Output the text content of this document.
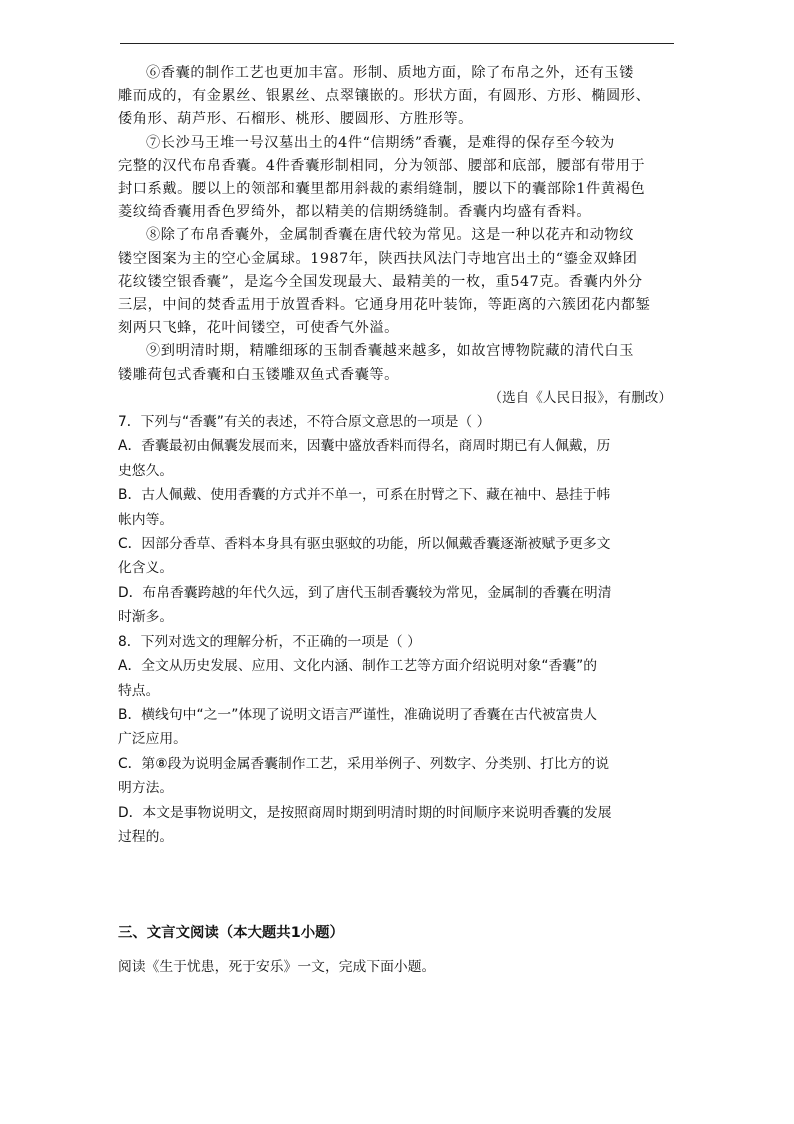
⑥香囊的制作工艺也更加丰富。形制、质地方面，除了布帛之外，还有玉镂
雕而成的，有金累丝、银累丝、点翠镶嵌的。形状方面，有圆形、方形、椭圆形、
倭角形、葫芦形、石榴形、桃形、腰圆形、方胜形等。

⑦长沙马王堆一号汉墓出土的4件“信期绣”香囊，是难得的保存至今较为
完整的汉代布帛香囊。4件香囊形制相同，分为领部、腰部和底部，腰部有带用于
封口系戴。腰以上的领部和囊里都用斜裁的素绢缝制，腰以下的囊部除1件黄褐色
菱纹绮香囊用香色罗绮外，都以精美的信期绣缝制。香囊内均盛有香料。

⑧除了布帛香囊外，金属制香囊在唐代较为常见。这是一种以花卉和动物纹
镂空图案为主的空心金属球。1987年，陕西扶风法门寺地宫出土的“鎏金双蜂团
花纹镂空银香囊”，是迄今全国发现最大、最精美的一枚，重547克。香囊内外分
三层，中间的焚香盂用于放置香料。它通身用花叶装饰，等距离的六簇团花内都錾
刻两只飞蜂，花叶间镂空，可使香气外溢。

⑨到明清时期，精雕细琢的玉制香囊越来越多，如故宫博物院藏的清代白玉
镂雕荷包式香囊和白玉镂雕双鱼式香囊等。

（选自《人民日报》，有删改）

7．下列与“香囊”有关的表述，不符合原文意思的一项是（ ）
A．香囊最初由佩囊发展而来，因囊中盛放香料而得名，商周时期已有人佩戴，历
史悠久。
B．古人佩戴、使用香囊的方式并不单一，可系在肘臂之下、藏在袖中、悬挂于帏
帐内等。
C．因部分香草、香料本身具有驱虫驱蚊的功能，所以佩戴香囊逐渐被赋予更多文
化含义。
D．布帛香囊跨越的年代久远，到了唐代玉制香囊较为常见，金属制的香囊在明清
时渐多。
8．下列对选文的理解分析，不正确的一项是（ ）
A．全文从历史发展、应用、文化内涵、制作工艺等方面介绍说明对象“香囊”的
特点。
B．横线句中“之一”体现了说明文语言严谨性，准确说明了香囊在古代被富贵人
广泛应用。
C．第⑧段为说明金属香囊制作工艺，采用举例子、列数字、分类别、打比方的说
明方法。
D．本文是事物说明文，是按照商周时期到明清时期的时间顺序来说明香囊的发展
过程的。

三、文言文阅读（本大题共1小题）

阅读《生于忧患，死于安乐》一文，完成下面小题。
